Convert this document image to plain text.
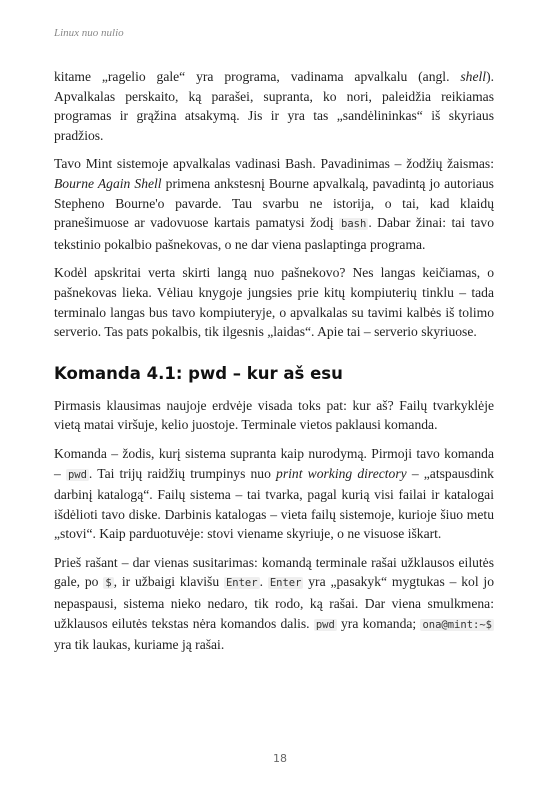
Linux nuo nulio

kitame „ragelio gale“ yra programa, vadinama apvalkalu (angl. shell). Apvalkalas perskaito, ką parašei, supranta, ko nori, paleidžia reikiamas programas ir grąžina atsakymą. Jis ir yra tas „sandėlininkas“ iš skyriaus pradžios.

Tavo Mint sistemoje apvalkalas vadinasi Bash. Pavadinimas – žodžių žaismas: Bourne Again Shell primena ankstesnį Bourne apvalkalą, pavadintą jo autoriaus Stepheno Bourne'o pavarde. Tau svarbu ne istorija, o tai, kad klaidų pranešimuose ar vadovuose kartais pamatysi žodį bash . Dabar žinai: tai tavo tekstinio pokalbio pašnekovas, o ne dar viena paslaptinga programa.

Kodėl apskritai verta skirti langą nuo pašnekovo? Nes langas keičiamas, o pašnekovas lieka. Vėliau knygoje jungsies prie kitų kompiuterių tinklu – tada terminalo langas bus tavo kompiuteryje, o apvalkalas su tavimi kalbės iš tolimo serverio. Tas pats pokalbis, tik ilgesnis „laidas“. Apie tai – serverio skyriuose.

Komanda 4.1: pwd – kur aš esu

Pirmasis klausimas naujoje erdvėje visada toks pat: kur aš? Failų tvarkyklėje vietą matai viršuje, kelio juostoje. Terminale vietos paklausi komanda.

Komanda – žodis, kurį sistema supranta kaip nurodymą. Pirmoji tavo komanda – pwd . Tai trijų raidžių trumpinys nuo print working directory – „atspausdink darbinį katalogą“. Failų sistema – tai tvarka, pagal kurią visi failai ir katalogai išdėlioti tavo diske. Darbinis katalogas – vieta failų sistemoje, kurioje šiuo metu „stovi“. Kaip parduotuvėje: stovi viename skyriuje, o ne visuose iškart.

Prieš rašant – dar vienas susitarimas: komandą terminale rašai užklausos eilutės gale, po $ , ir užbaigi klavišu Enter . Enter yra „pasakyk“ mygtukas – kol jo nepaspausi, sistema nieko nedaro, tik rodo, ką rašai. Dar viena smulkmena: užklausos eilutės tekstas nėra komandos dalis. pwd yra komanda; ona@mint:~$ yra tik laukas, kuriame ją rašai.

18
